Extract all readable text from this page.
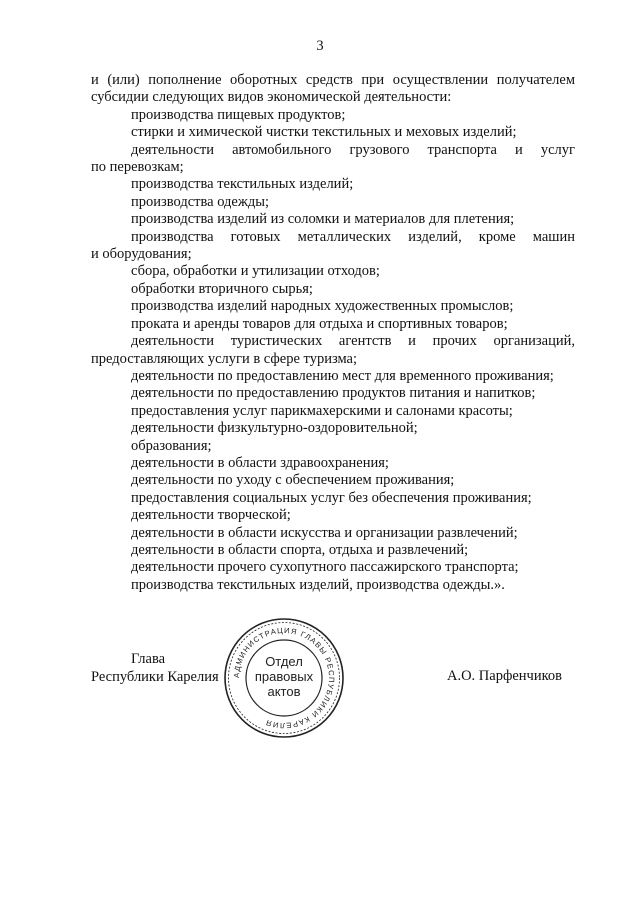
3
и (или) пополнение оборотных средств при осуществлении получателем
субсидии следующих видов экономической деятельности:
производства пищевых продуктов;
стирки и химической чистки текстильных и меховых изделий;
деятельности автомобильного грузового транспорта и услуг
по перевозкам;
производства текстильных изделий;
производства одежды;
производства изделий из соломки и материалов для плетения;
производства готовых металлических изделий, кроме машин
и оборудования;
сбора, обработки и утилизации отходов;
обработки вторичного сырья;
производства изделий народных художественных промыслов;
проката и аренды товаров для отдыха и спортивных товаров;
деятельности туристических агентств и прочих организаций,
предоставляющих услуги в сфере туризма;
деятельности по предоставлению мест для временного проживания;
деятельности по предоставлению продуктов питания и напитков;
предоставления услуг парикмахерскими и салонами красоты;
деятельности физкультурно-оздоровительной;
образования;
деятельности в области здравоохранения;
деятельности по уходу с обеспечением проживания;
предоставления социальных услуг без обеспечения проживания;
деятельности творческой;
деятельности в области искусства и организации развлечений;
деятельности в области спорта, отдыха и развлечений;
деятельности прочего сухопутного пассажирского транспорта;
производства текстильных изделий, производства одежды.».
Глава
Республики Карелия АДМИНИСТРАЦИЯ ГЛАВЫ РЕСПУБЛИКИ КАРЕЛИЯ
Отдел
правовых
актов
А.О. Парфенчиков
